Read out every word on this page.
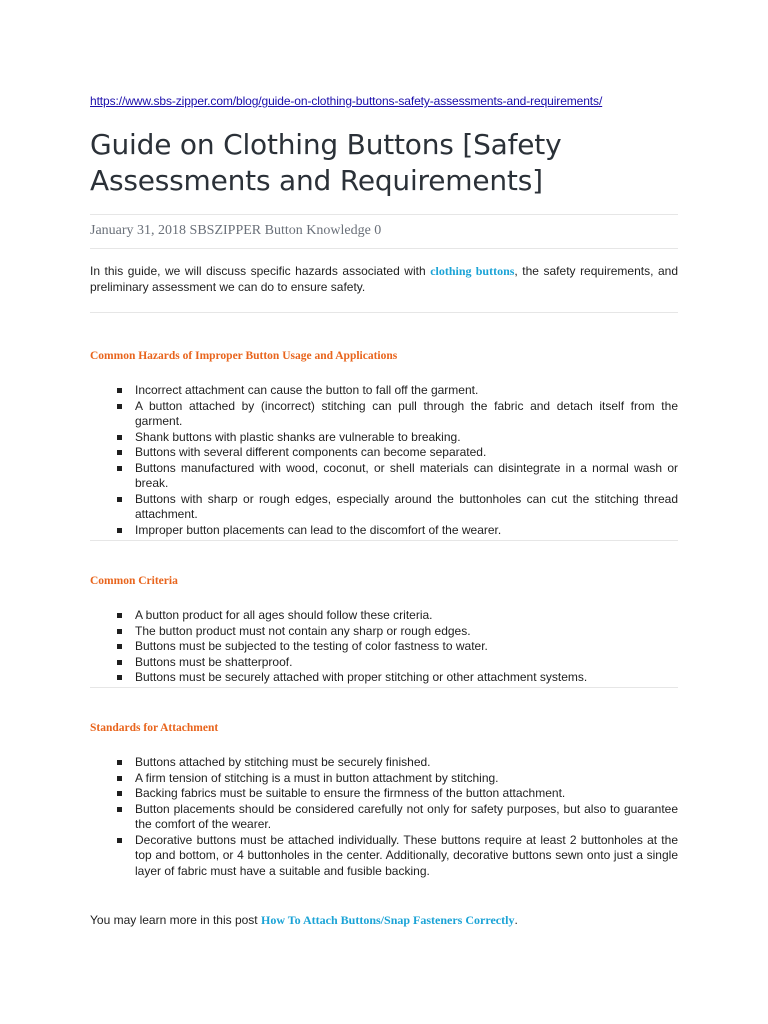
https://www.sbs-zipper.com/blog/guide-on-clothing-buttons-safety-assessments-and-requirements/
Guide on Clothing Buttons [Safety Assessments and Requirements]
January 31, 2018 SBSZIPPER Button Knowledge 0

In this guide, we will discuss specific hazards associated with clothing buttons, the safety requirements, and preliminary assessment we can do to ensure safety.

Common Hazards of Improper Button Usage and Applications
Incorrect attachment can cause the button to fall off the garment.
A button attached by (incorrect) stitching can pull through the fabric and detach itself from the garment.
Shank buttons with plastic shanks are vulnerable to breaking.
Buttons with several different components can become separated.
Buttons manufactured with wood, coconut, or shell materials can disintegrate in a normal wash or break.
Buttons with sharp or rough edges, especially around the buttonholes can cut the stitching thread attachment.
Improper button placements can lead to the discomfort of the wearer.
Common Criteria
A button product for all ages should follow these criteria.
The button product must not contain any sharp or rough edges.
Buttons must be subjected to the testing of color fastness to water.
Buttons must be shatterproof.
Buttons must be securely attached with proper stitching or other attachment systems.
Standards for Attachment
Buttons attached by stitching must be securely finished.
A firm tension of stitching is a must in button attachment by stitching.
Backing fabrics must be suitable to ensure the firmness of the button attachment.
Button placements should be considered carefully not only for safety purposes, but also to guarantee the comfort of the wearer.
Decorative buttons must be attached individually. These buttons require at least 2 buttonholes at the top and bottom, or 4 buttonholes in the center. Additionally, decorative buttons sewn onto just a single layer of fabric must have a suitable and fusible backing.

You may learn more in this post How To Attach Buttons/Snap Fasteners Correctly.
